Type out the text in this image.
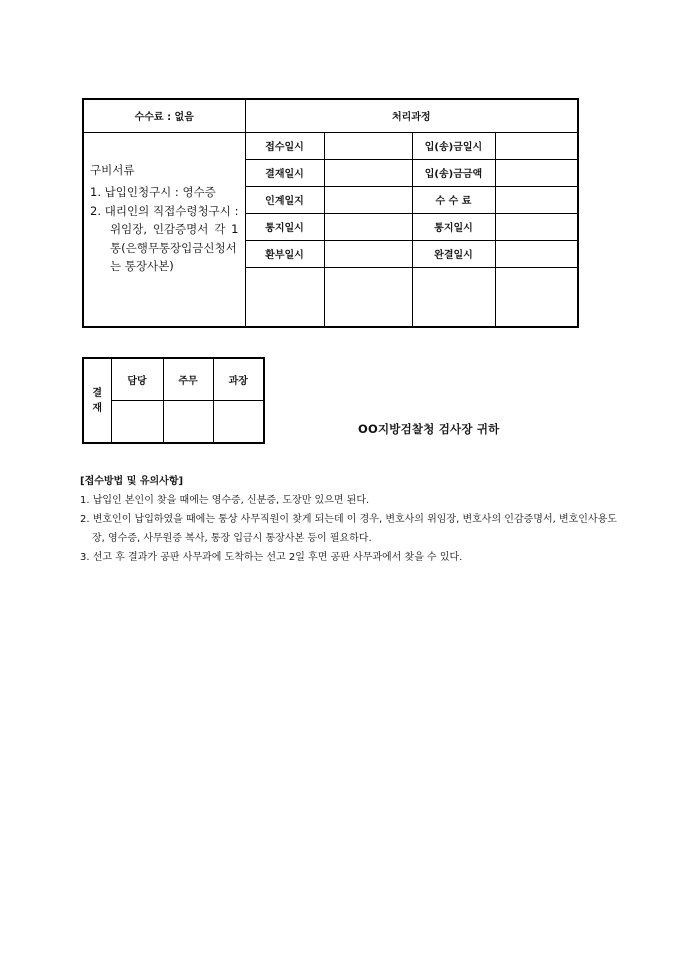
수수료 : 없음	처리과정			

구비서류
1. 납입인청구시 : 영수증
2. 대리인의 직접수령청구시 : 위임장, 인감증명서 각 1통(은행무통장입금신청서는 통장사본)	접수일시		입(송)금일시	
	결재일시		입(송)금금액	
	인계일지		수 수 료	
	통지일시		통지일시	
	환부일시		완결일시	

결재	담당	주무	과장

OO지방검찰청 검사장 귀하
[접수방법 및 유의사항]
1. 납입인 본인이 찾을 때에는 영수증, 신분증, 도장만 있으면 된다.
2. 변호인이 납입하였을 때에는 통상 사무직원이 찾게 되는데 이 경우, 변호사의 위임장, 변호사의 인감증명서, 변호인사용도장, 영수증, 사무원증 복사, 통장 입금시 통장사본 등이 필요하다.
3. 선고 후 결과가 공판 사무과에 도착하는 선고 2일 후면 공판 사무과에서 찾을 수 있다.
